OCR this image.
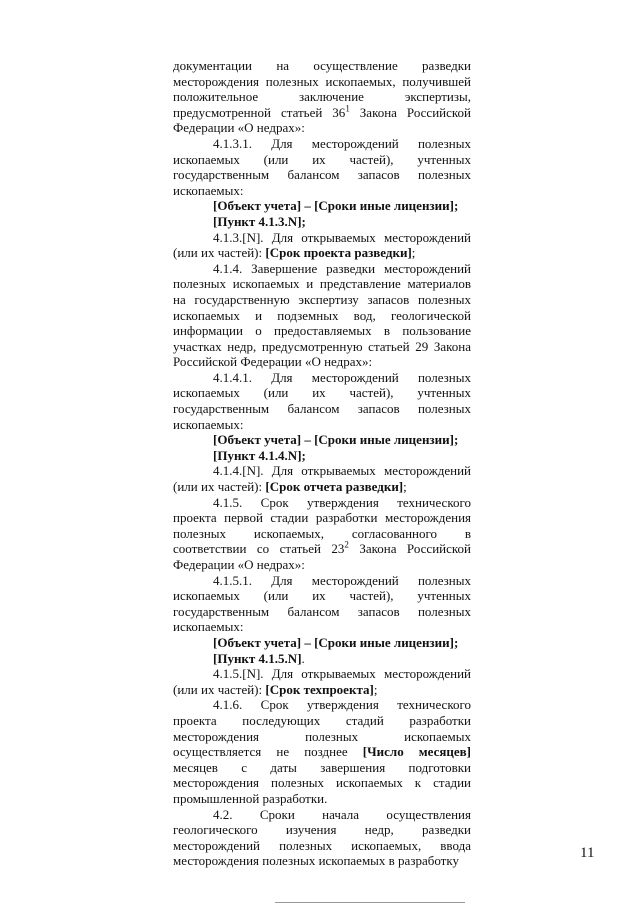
документации на осуществление разведки месторождения полезных ископаемых, получившей положительное заключение экспертизы, предусмотренной статьей $36^1$ Закона Российской Федерации «О недрах»:

4.1.3.1. Для месторождений полезных ископаемых (или их частей), учтенных государственным балансом запасов полезных ископаемых:

[Объект учета] – [Сроки иные лицензии];

[Пункт 4.1.3.N];

4.1.3.[N]. Для открываемых месторождений (или их частей): [Срок проекта разведки];

4.1.4. Завершение разведки месторождений полезных ископаемых и представление материалов на государственную экспертизу запасов полезных ископаемых и подземных вод, геологической информации о предоставляемых в пользование участках недр, предусмотренную статьей 29 Закона Российской Федерации «О недрах»:

4.1.4.1. Для месторождений полезных ископаемых (или их частей), учтенных государственным балансом запасов полезных ископаемых:

[Объект учета] – [Сроки иные лицензии];

[Пункт 4.1.4.N];

4.1.4.[N]. Для открываемых месторождений (или их частей): [Срок отчета разведки];

4.1.5. Срок утверждения технического проекта первой стадии разработки месторождения полезных ископаемых, согласованного в соответствии со статьей $23^2$ Закона Российской Федерации «О недрах»:

4.1.5.1. Для месторождений полезных ископаемых (или их частей), учтенных государственным балансом запасов полезных ископаемых:

[Объект учета] – [Сроки иные лицензии];

[Пункт 4.1.5.N].

4.1.5.[N]. Для открываемых месторождений (или их частей): [Срок техпроекта];

4.1.6. Срок утверждения технического проекта последующих стадий разработки месторождения полезных ископаемых осуществляется не позднее [Число месяцев] месяцев с даты завершения подготовки месторождения полезных ископаемых к стадии промышленной разработки.

4.2. Сроки начала осуществления геологического изучения недр, разведки месторождений полезных ископаемых, ввода месторождения полезных ископаемых в разработку	11
